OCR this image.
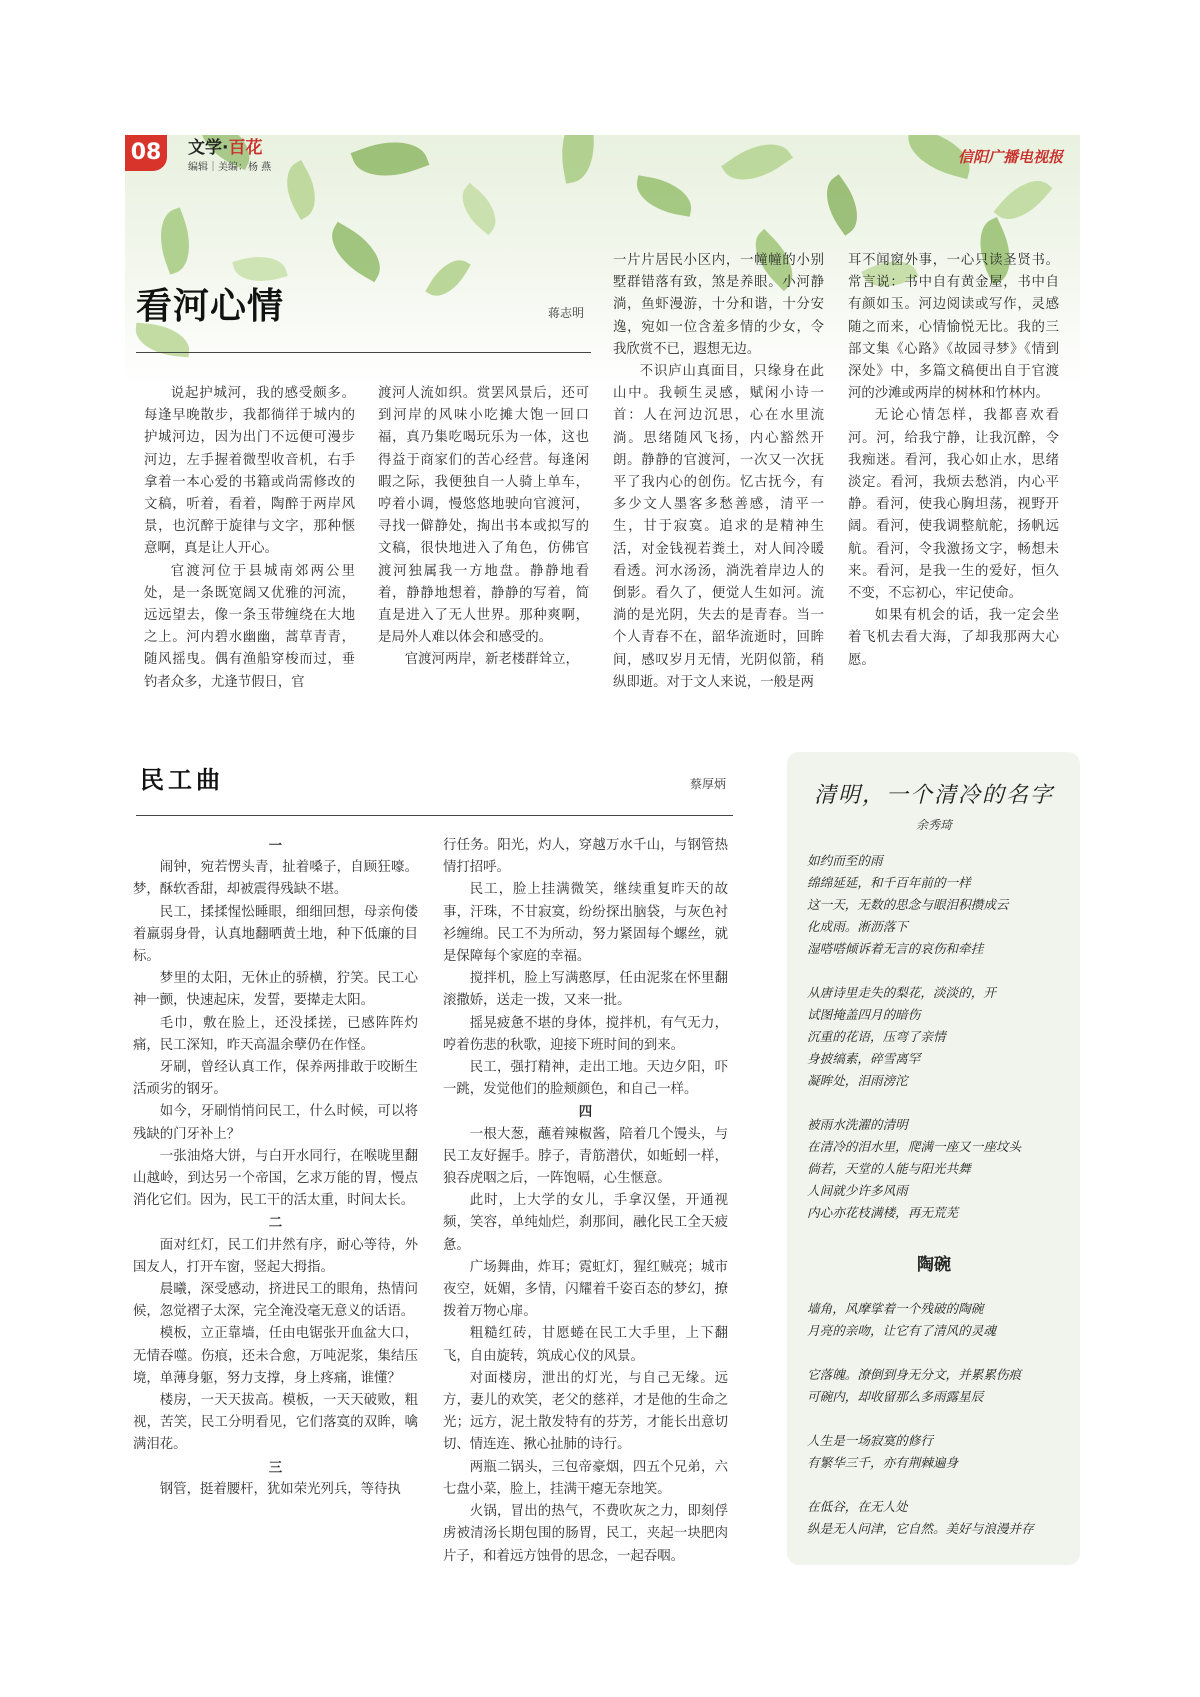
08	文学·百花
编辑｜美编：杨 燕
信阳广播电视报
看河心情	蒋志明

说起护城河，我的感受颇多。每逢早晚散步，我都徜徉于城内的护城河边，因为出门不远便可漫步河边，左手握着微型收音机，右手拿着一本心爱的书籍或尚需修改的文稿，听着，看着，陶醉于两岸风景，也沉醉于旋律与文字，那种惬意啊，真是让人开心。

官渡河位于县城南郊两公里处，是一条既宽阔又优雅的河流，远远望去，像一条玉带缠绕在大地之上。河内碧水幽幽，蒿草青青，随风摇曳。偶有渔船穿梭而过，垂钓者众多，尤逢节假日，官

渡河人流如织。赏罢风景后，还可到河岸的风味小吃摊大饱一回口福，真乃集吃喝玩乐为一体，这也得益于商家们的苦心经营。每逢闲暇之际，我便独自一人骑上单车，哼着小调，慢悠悠地驶向官渡河，寻找一僻静处，掏出书本或拟写的文稿，很快地进入了角色，仿佛官渡河独属我一方地盘。静静地看着，静静地想着，静静的写着，简直是进入了无人世界。那种爽啊，是局外人难以体会和感受的。

官渡河两岸，新老楼群耸立，

一片片居民小区内，一幢幢的小别墅群错落有致，煞是养眼。小河静淌，鱼虾漫游，十分和谐，十分安逸，宛如一位含羞多情的少女，令我欣赏不已，遐想无边。

不识庐山真面目，只缘身在此山中。我顿生灵感，赋闲小诗一首：人在河边沉思，心在水里流淌。思绪随风飞扬，内心豁然开朗。静静的官渡河，一次又一次抚平了我内心的创伤。忆古抚今，有多少文人墨客多愁善感，清平一生，甘于寂寞。追求的是精神生活，对金钱视若粪土，对人间冷暖看透。河水汤汤，淌洗着岸边人的倒影。看久了，便觉人生如河。流淌的是光阴，失去的是青春。当一个人青春不在，韶华流逝时，回眸间，感叹岁月无情，光阴似箭，稍纵即逝。对于文人来说，一般是两

耳不闻窗外事，一心只读圣贤书。常言说：书中自有黄金屋，书中自有颜如玉。河边阅读或写作，灵感随之而来，心情愉悦无比。我的三部文集《心路》《故园寻梦》《情到深处》中，多篇文稿便出自于官渡河的沙滩或两岸的树林和竹林内。

无论心情怎样，我都喜欢看河。河，给我宁静，让我沉醉，令我痴迷。看河，我心如止水，思绪淡定。看河，我烦去愁消，内心平静。看河，使我心胸坦荡，视野开阔。看河，使我调整航舵，扬帆远航。看河，令我激扬文字，畅想未来。看河，是我一生的爱好，恒久不变，不忘初心，牢记使命。

如果有机会的话，我一定会坐着飞机去看大海，了却我那两大心愿。

民工曲	蔡厚炳
一

闹钟，宛若愣头青，扯着嗓子，自顾狂嚎。梦，酥软香甜，却被震得残缺不堪。

民工，揉揉惺忪睡眼，细细回想，母亲佝偻着羸弱身骨，认真地翻晒黄土地，种下低廉的目标。

梦里的太阳，无休止的骄横，狞笑。民工心神一颤，快速起床，发誓，要撵走太阳。

毛巾，敷在脸上，还没揉搓，已感阵阵灼痛，民工深知，昨天高温余孽仍在作怪。

牙刷，曾经认真工作，保养两排敢于咬断生活顽劣的钢牙。

如今，牙刷悄悄问民工，什么时候，可以将残缺的门牙补上？

一张油烙大饼，与白开水同行，在喉咙里翻山越岭，到达另一个帝国，乞求万能的胃，慢点消化它们。因为，民工干的活太重，时间太长。

二

面对红灯，民工们井然有序，耐心等待，外国友人，打开车窗，竖起大拇指。

晨曦，深受感动，挤进民工的眼角，热情问候，忽觉褶子太深，完全淹没毫无意义的话语。

模板，立正靠墙，任由电锯张开血盆大口，无情吞噬。伤痕，还未合愈，万吨泥浆，集结压境，单薄身躯，努力支撑，身上疼痛，谁懂？

楼房，一天天拔高。模板，一天天破败，粗视，苦笑，民工分明看见，它们落寞的双眸，噙满泪花。

三

钢管，挺着腰杆，犹如荣光列兵，等待执

行任务。阳光，灼人，穿越万水千山，与钢管热情打招呼。

民工，脸上挂满微笑，继续重复昨天的故事，汗珠，不甘寂寞，纷纷探出脑袋，与灰色衬衫缠绵。民工不为所动，努力紧固每个螺丝，就是保障每个家庭的幸福。

搅拌机，脸上写满憨厚，任由泥浆在怀里翻滚撒娇，送走一拨，又来一批。

摇晃疲惫不堪的身体，搅拌机，有气无力，哼着伤悲的秋歌，迎接下班时间的到来。

民工，强打精神，走出工地。天边夕阳，吓一跳，发觉他们的脸颊颜色，和自己一样。

四

一根大葱，蘸着辣椒酱，陪着几个馒头，与民工友好握手。脖子，青筋潜伏，如蚯蚓一样，狼吞虎咽之后，一阵饱嗝，心生惬意。

此时，上大学的女儿，手拿汉堡，开通视频，笑容，单纯灿烂，刹那间，融化民工全天疲惫。

广场舞曲，炸耳；霓虹灯，猩红贼亮；城市夜空，妩媚，多情，闪耀着千姿百态的梦幻，撩拨着万物心扉。

粗糙红砖，甘愿蜷在民工大手里，上下翻飞，自由旋转，筑成心仪的风景。

对面楼房，泄出的灯光，与自己无缘。远方，妻儿的欢笑，老父的慈祥，才是他的生命之光；远方，泥土散发特有的芬芳，才能长出意切切、情连连、揪心扯肺的诗行。

两瓶二锅头，三包帝豪烟，四五个兄弟，六七盘小菜，脸上，挂满干瘪无奈地笑。

火锅，冒出的热气，不费吹灰之力，即刻俘虏被清汤长期包围的肠胃，民工，夹起一块肥肉片子，和着远方蚀骨的思念，一起吞咽。

清明，一个清冷的名字
余秀琦
如约而至的雨
绵绵延延，和千百年前的一样
这一天，无数的思念与眼泪积攒成云
化成雨。淅沥落下
湿嗒嗒倾诉着无言的哀伤和牵挂
从唐诗里走失的梨花，淡淡的，开
试图掩盖四月的暗伤
沉重的花语，压弯了亲情
身披缟素，碎雪离罕
凝眸处，泪雨滂沱
被雨水洗濯的清明
在清冷的泪水里，爬满一座又一座坟头
倘若，天堂的人能与阳光共舞
人间就少许多风雨
内心亦花枝满楼，再无荒芜
陶碗
墙角，风摩挲着一个残破的陶碗
月亮的亲吻，让它有了清风的灵魂
它落魄。潦倒到身无分文，并累累伤痕
可碗内，却收留那么多雨露星辰
人生是一场寂寞的修行
有繁华三千，亦有荆棘遍身
在低谷，在无人处
纵是无人问津，它自然。美好与浪漫并存
